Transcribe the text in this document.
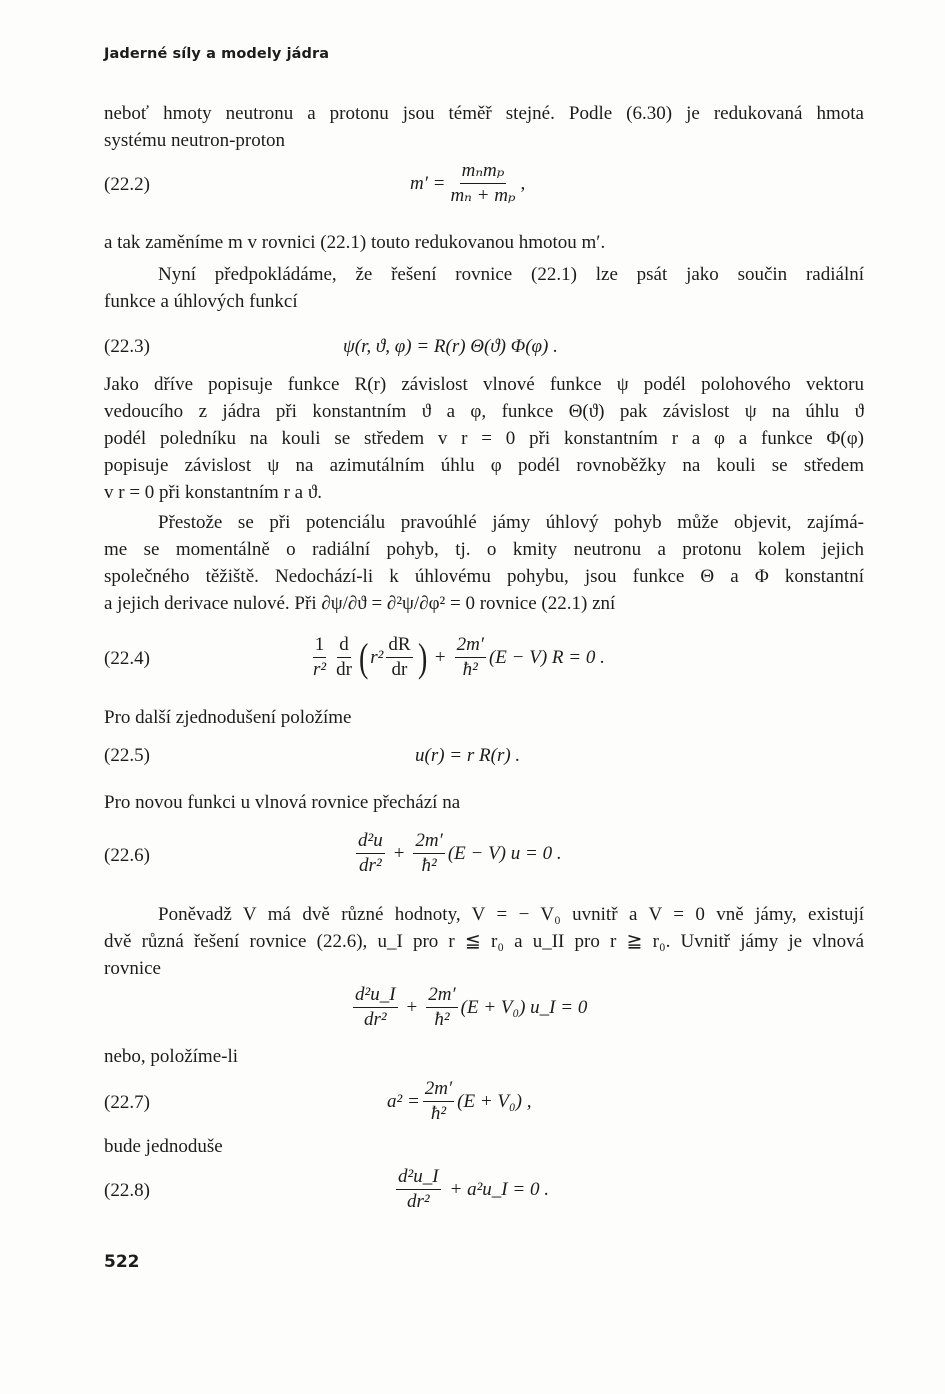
Jaderné síly a modely jádra
neboť hmoty neutronu a protonu jsou téměř stejné. Podle (6.30) je redukovaná hmota
systému neutron-proton
(22.2)	$m' = \frac{\text{mₙmₚ}}{\text{mₙ + mₚ}}$ ,
a tak zaměníme m v rovnici (22.1) touto redukovanou hmotou m′.
Nyní předpokládáme, že řešení rovnice (22.1) lze psát jako součin radiální
funkce a úhlových funkcí
(22.3)	ψ(r, ϑ, φ) = R(r) Θ(ϑ) Φ(φ) .
Jako dříve popisuje funkce R(r) závislost vlnové funkce ψ podél polohového vektoru
vedoucího z jádra při konstantním ϑ a φ, funkce Θ(ϑ) pak závislost ψ na úhlu ϑ
podél poledníku na kouli se středem v r = 0 při konstantním r a φ a funkce Φ(φ)
popisuje závislost ψ na azimutálním úhlu φ podél rovnoběžky na kouli se středem
v r = 0 při konstantním r a ϑ.
Přestože se při potenciálu pravoúhlé jámy úhlový pohyb může objevit, zajímá-
me se momentálně o radiální pohyb, tj. o kmity neutronu a protonu kolem jejich
společného těžiště. Nedochází-li k úhlovému pohybu, jsou funkce Θ a Φ konstantní
a jejich derivace nulové. Při ∂ψ/∂ϑ = ∂²ψ/∂φ² = 0 rovnice (22.1) zní
(22.4)	$\frac{1}{\text{r²}} \frac{d}{dr}$ ( $r^2 \frac{dR}{dr}$ ) + $\frac{2m'}{\text{ħ²}} (E - V) R = 0$ .
Pro další zjednodušení položíme
(22.5)	u(r) = r R(r) .
Pro novou funkci u vlnová rovnice přechází na
(22.6)	$\frac{\text{d²u}}{\text{dr²}} + \frac{2m'}{\text{ħ²}} (E - V) u = 0$ .
Poněvadž V má dvě různé hodnoty, V = − V₀ uvnitř a V = 0 vně jámy, existují
dvě různá řešení rovnice (22.6), u_I pro r ≦ r₀ a u_II pro r ≧ r₀. Uvnitř jámy je vlnová
rovnice
$\frac{\text{d²u\_I}}{\text{dr²}} + \frac{2m'}{\text{ħ²}} (E + V_0)$ u_I = 0
nebo, položíme-li
(22.7)	$a^2 = \frac{2m'}{\text{ħ²}} (E + V_0)$ ,
bude jednoduše
(22.8)	$\frac{\text{d²u\_I}}{\text{dr²}}$ + a²u_I = 0 .
522
